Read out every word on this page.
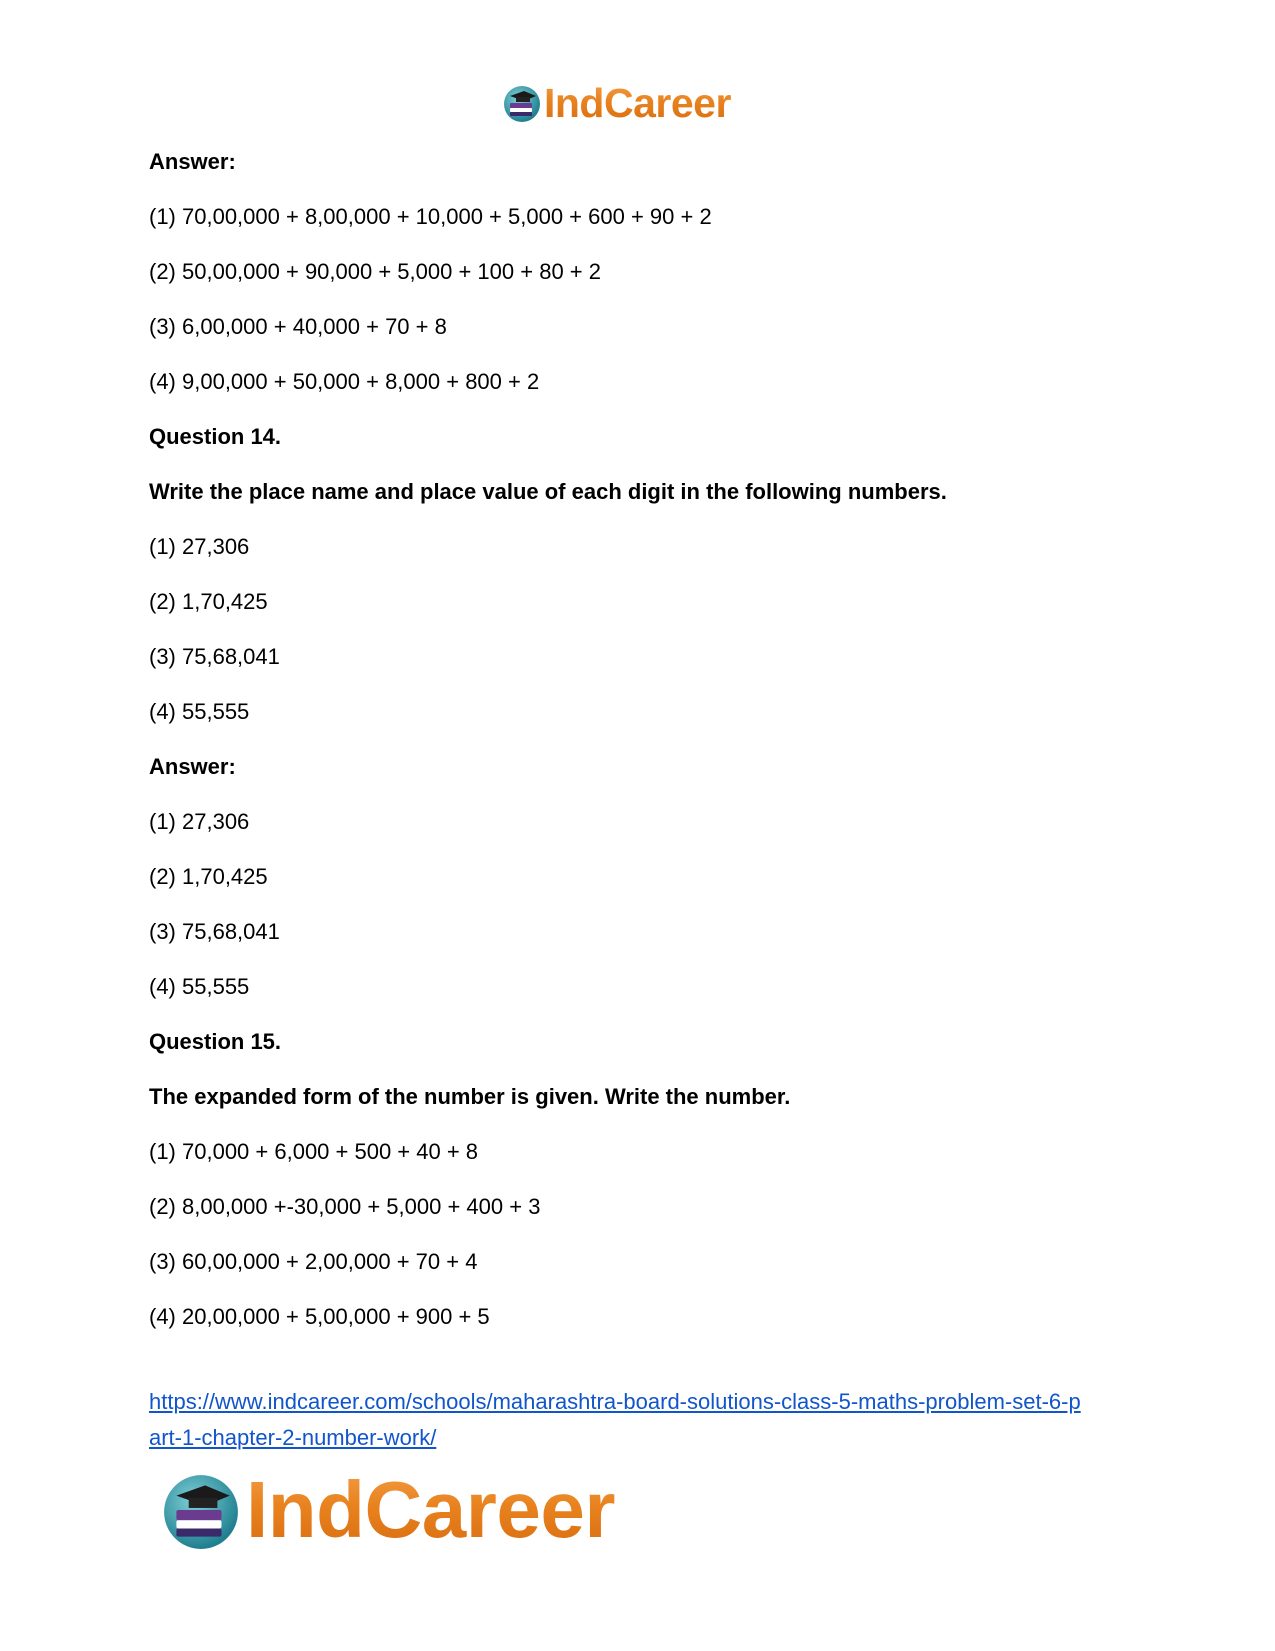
IndCareer
Answer:
(1) 70,00,000 + 8,00,000 + 10,000 + 5,000 + 600 + 90 + 2
(2) 50,00,000 + 90,000 + 5,000 + 100 + 80 + 2
(3) 6,00,000 + 40,000 + 70 + 8
(4) 9,00,000 + 50,000 + 8,000 + 800 + 2
Question 14.
Write the place name and place value of each digit in the following numbers.
(1) 27,306
(2) 1,70,425
(3) 75,68,041
(4) 55,555
Answer:
(1) 27,306
(2) 1,70,425
(3) 75,68,041
(4) 55,555
Question 15.
The expanded form of the number is given. Write the number.
(1) 70,000 + 6,000 + 500 + 40 + 8
(2) 8,00,000 +-30,000 + 5,000 + 400 + 3
(3) 60,00,000 + 2,00,000 + 70 + 4
(4) 20,00,000 + 5,00,000 + 900 + 5
https://www.indcareer.com/schools/maharashtra-board-solutions-class-5-maths-problem-set-6-p
art-1-chapter-2-number-work/
IndCareer
